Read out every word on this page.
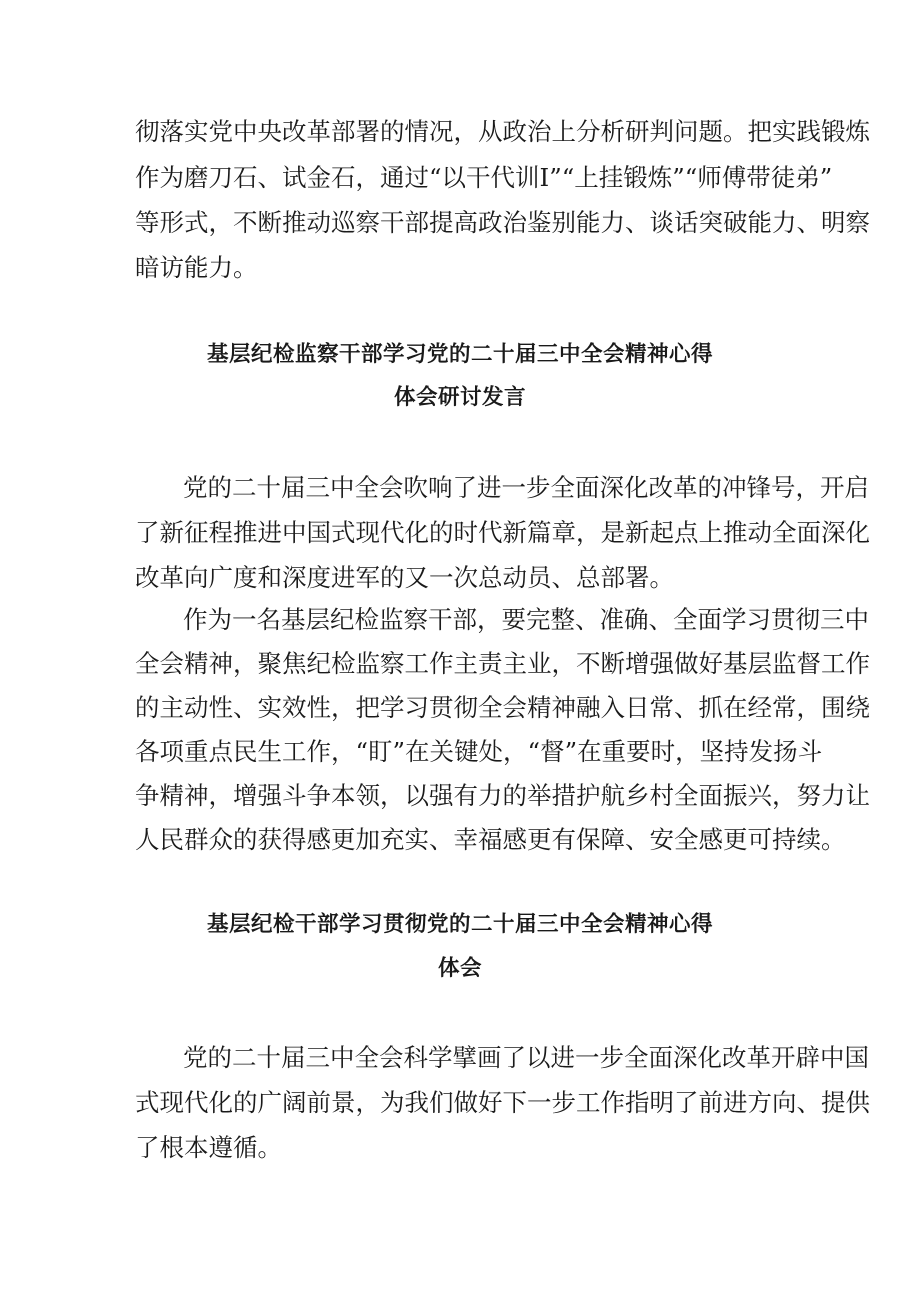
彻落实党中央改革部署的情况，从政治上分析研判问题。把实践锻炼
作为磨刀石、试金石，通过“以干代训I”“上挂锻炼”“师傅带徒弟”
等形式，不断推动巡察干部提高政治鉴别能力、谈话突破能力、明察
暗访能力。
基层纪检监察干部学习党的二十届三中全会精神心得
体会研讨发言
党的二十届三中全会吹响了进一步全面深化改革的冲锋号，开启
了新征程推进中国式现代化的时代新篇章，是新起点上推动全面深化
改革向广度和深度进军的又一次总动员、总部署。
作为一名基层纪检监察干部，要完整、准确、全面学习贯彻三中
全会精神，聚焦纪检监察工作主责主业，不断增强做好基层监督工作
的主动性、实效性，把学习贯彻全会精神融入日常、抓在经常，围绕
各项重点民生工作，“盯”在关键处，“督”在重要时，坚持发扬斗
争精神，增强斗争本领，以强有力的举措护航乡村全面振兴，努力让
人民群众的获得感更加充实、幸福感更有保障、安全感更可持续。
基层纪检干部学习贯彻党的二十届三中全会精神心得
体会
党的二十届三中全会科学擘画了以进一步全面深化改革开辟中国
式现代化的广阔前景，为我们做好下一步工作指明了前进方向、提供
了根本遵循。
